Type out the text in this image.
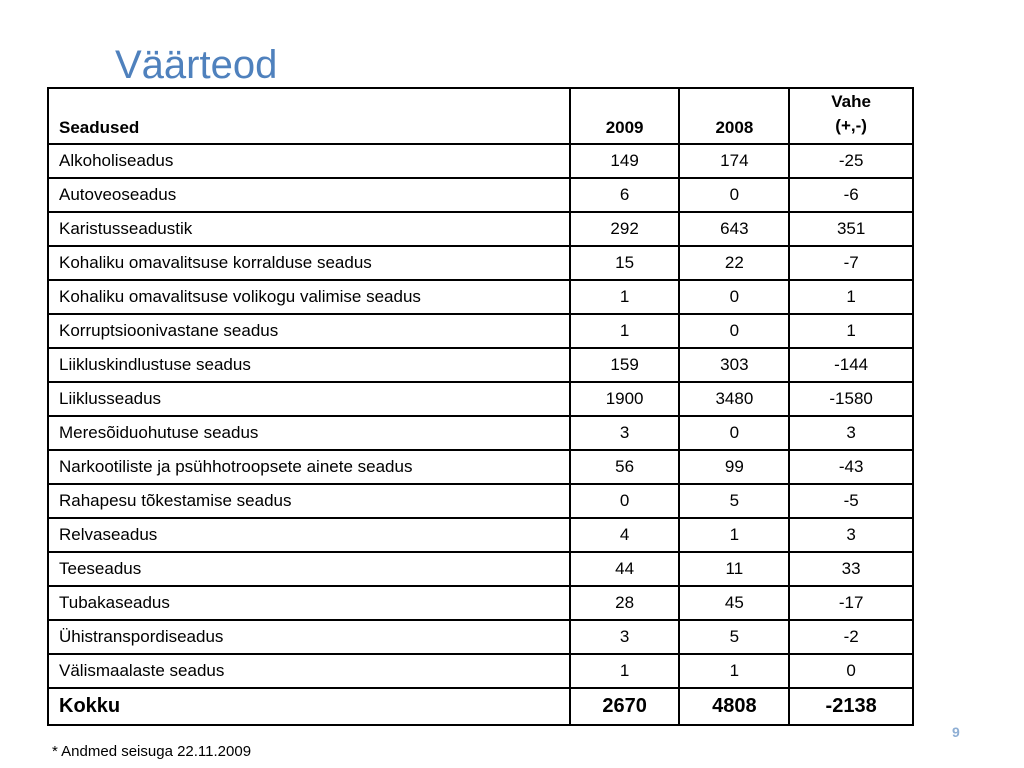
Väärteod
Seadused	2009	2008	Vahe
(+,-)

Alkoholiseadus	149	174	-25
Autoveoseadus	6	0	-6
Karistusseadustik	292	643	351
Kohaliku omavalitsuse korralduse seadus	15	22	-7
Kohaliku omavalitsuse volikogu valimise seadus	1	0	1
Korruptsioonivastane seadus	1	0	1
Liikluskindlustuse seadus	159	303	-144
Liiklusseadus	1900	3480	-1580
Meresõiduohutuse seadus	3	0	3
Narkootiliste ja psühhotroopsete ainete seadus	56	99	-43
Rahapesu tõkestamise seadus	0	5	-5
Relvaseadus	4	1	3
Teeseadus	44	11	33
Tubakaseadus	28	45	-17
Ühistranspordiseadus	3	5	-2
Välismaalaste seadus	1	1	0
Kokku	2670	4808	-2138
* Andmed seisuga 22.11.2009
9
